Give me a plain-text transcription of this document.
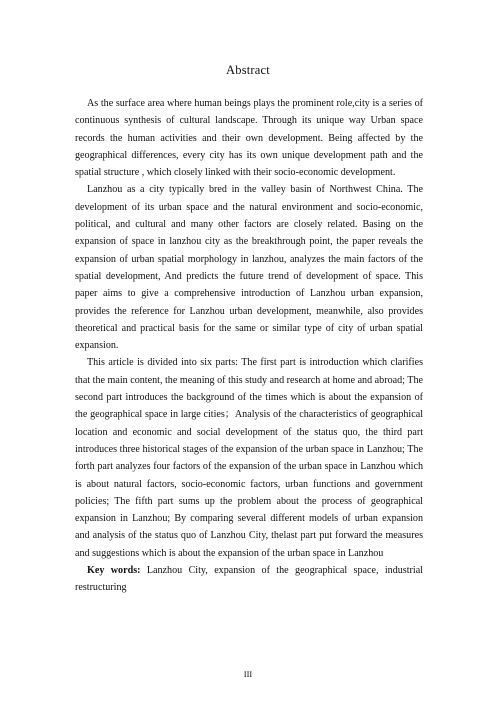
Abstract

As the surface area where human beings plays the prominent role,city is a series of continuous synthesis of cultural landscape. Through its unique way Urban space records the human activities and their own development. Being affected by the geographical differences, every city has its own unique development path and the spatial structure , which closely linked with their socio-economic development.

Lanzhou as a city typically bred in the valley basin of Northwest China. The development of its urban space and the natural environment and socio-economic, political, and cultural and many other factors are closely related. Basing on the expansion of space in lanzhou city as the breakthrough point, the paper reveals the expansion of urban spatial morphology in lanzhou, analyzes the main factors of the spatial development, And predicts the future trend of development of space. This paper aims to give a comprehensive introduction of Lanzhou urban expansion, provides the reference for Lanzhou urban development, meanwhile, also provides theoretical and practical basis for the same or similar type of city of urban spatial expansion.

This article is divided into six parts: The first part is introduction which clarifies that the main content, the meaning of this study and research at home and abroad; The second part introduces the background of the times which is about the expansion of the geographical space in large cities；Analysis of the characteristics of geographical location and economic and social development of the status quo, the third part introduces three historical stages of the expansion of the urban space in Lanzhou; The forth part analyzes four factors of the expansion of the urban space in Lanzhou which is about natural factors, socio-economic factors, urban functions and government policies; The fifth part sums up the problem about the process of geographical expansion in Lanzhou; By comparing several different models of urban expansion and analysis of the status quo of Lanzhou City, thelast part put forward the measures and suggestions which is about the expansion of the urban space in Lanzhou

Key words: Lanzhou City, expansion of the geographical space, industrial restructuring

III
